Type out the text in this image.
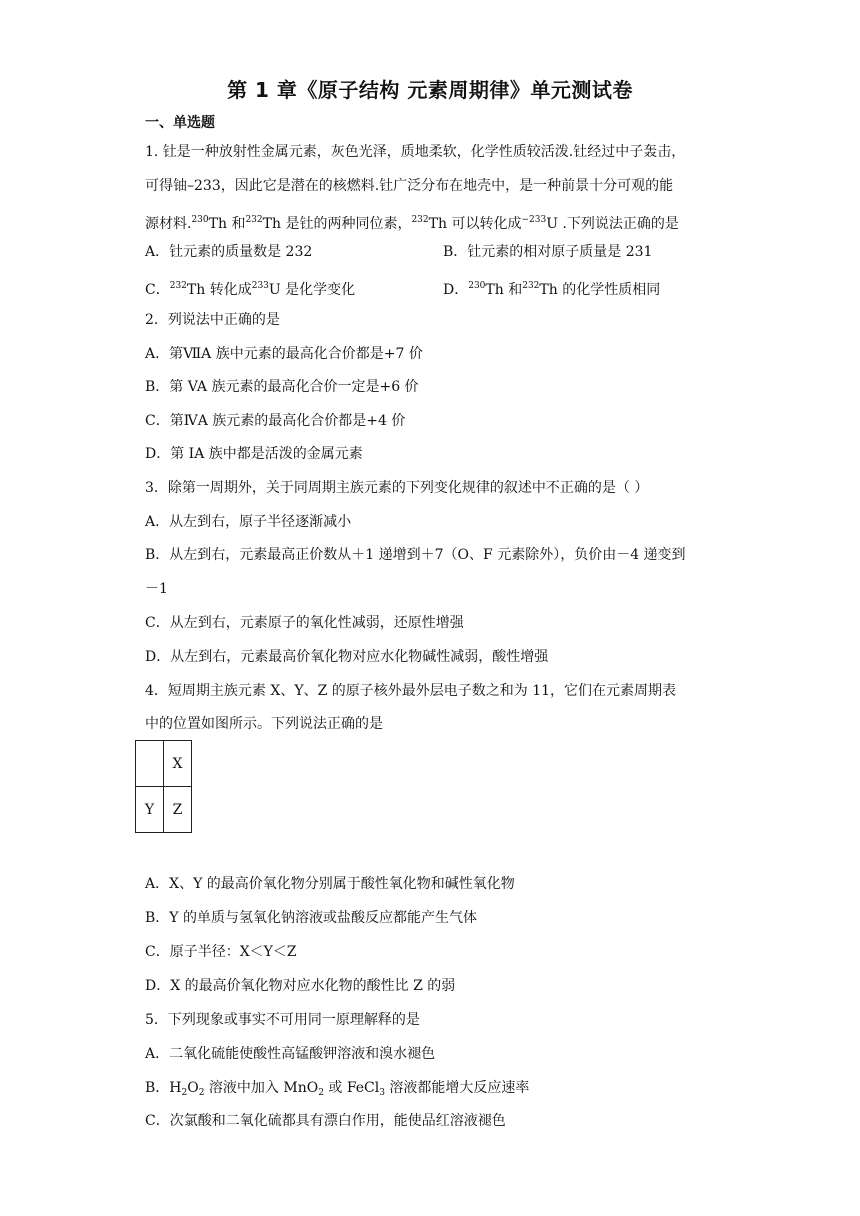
第 1 章《原子结构 元素周期律》单元测试卷
一、单选题
1. 钍是一种放射性金属元素，灰色光泽，质地柔软，化学性质较活泼.钍经过中子轰击，
可得铀–233，因此它是潜在的核燃料.钍广泛分布在地壳中，是一种前景十分可观的能
源材料.$^{230}$Th 和$^{232}$Th 是钍的两种同位素，$^{232}$Th 可以转化成$^{-233}$U .下列说法正确的是
A．钍元素的质量数是 232	B．钍元素的相对原子质量是 231
C．$^{232}$Th 转化成$^{233}$U 是化学变化	D．$^{230}$Th 和$^{232}$Th 的化学性质相同
2．列说法中正确的是
A．第ⅦA 族中元素的最高化合价都是+7 价
B．第 VA 族元素的最高化合价一定是+6 价
C．第ⅣA 族元素的最高化合价都是+4 价
D．第 IA 族中都是活泼的金属元素
3．除第一周期外，关于同周期主族元素的下列变化规律的叙述中不正确的是（ ）
A．从左到右，原子半径逐渐减小
B．从左到右，元素最高正价数从＋1 递增到＋7（O、F 元素除外），负价由－4 递变到
－1
C．从左到右，元素原子的氧化性减弱，还原性增强
D．从左到右，元素最高价氧化物对应水化物碱性减弱，酸性增强
4．短周期主族元素 X、Y、Z 的原子核外最外层电子数之和为 11，它们在元素周期表
中的位置如图所示。下列说法正确的是
	X
Y	Z
A．X、Y 的最高价氧化物分别属于酸性氧化物和碱性氧化物
B．Y 的单质与氢氧化钠溶液或盐酸反应都能产生气体
C．原子半径：X＜Y＜Z
D．X 的最高价氧化物对应水化物的酸性比 Z 的弱
5．下列现象或事实不可用同一原理解释的是
A．二氧化硫能使酸性高锰酸钾溶液和溴水褪色
B．$H_2O_2$ 溶液中加入 MnO$_2$ 或 FeCl$_3$ 溶液都能增大反应速率
C．次氯酸和二氧化硫都具有漂白作用，能使品红溶液褪色
